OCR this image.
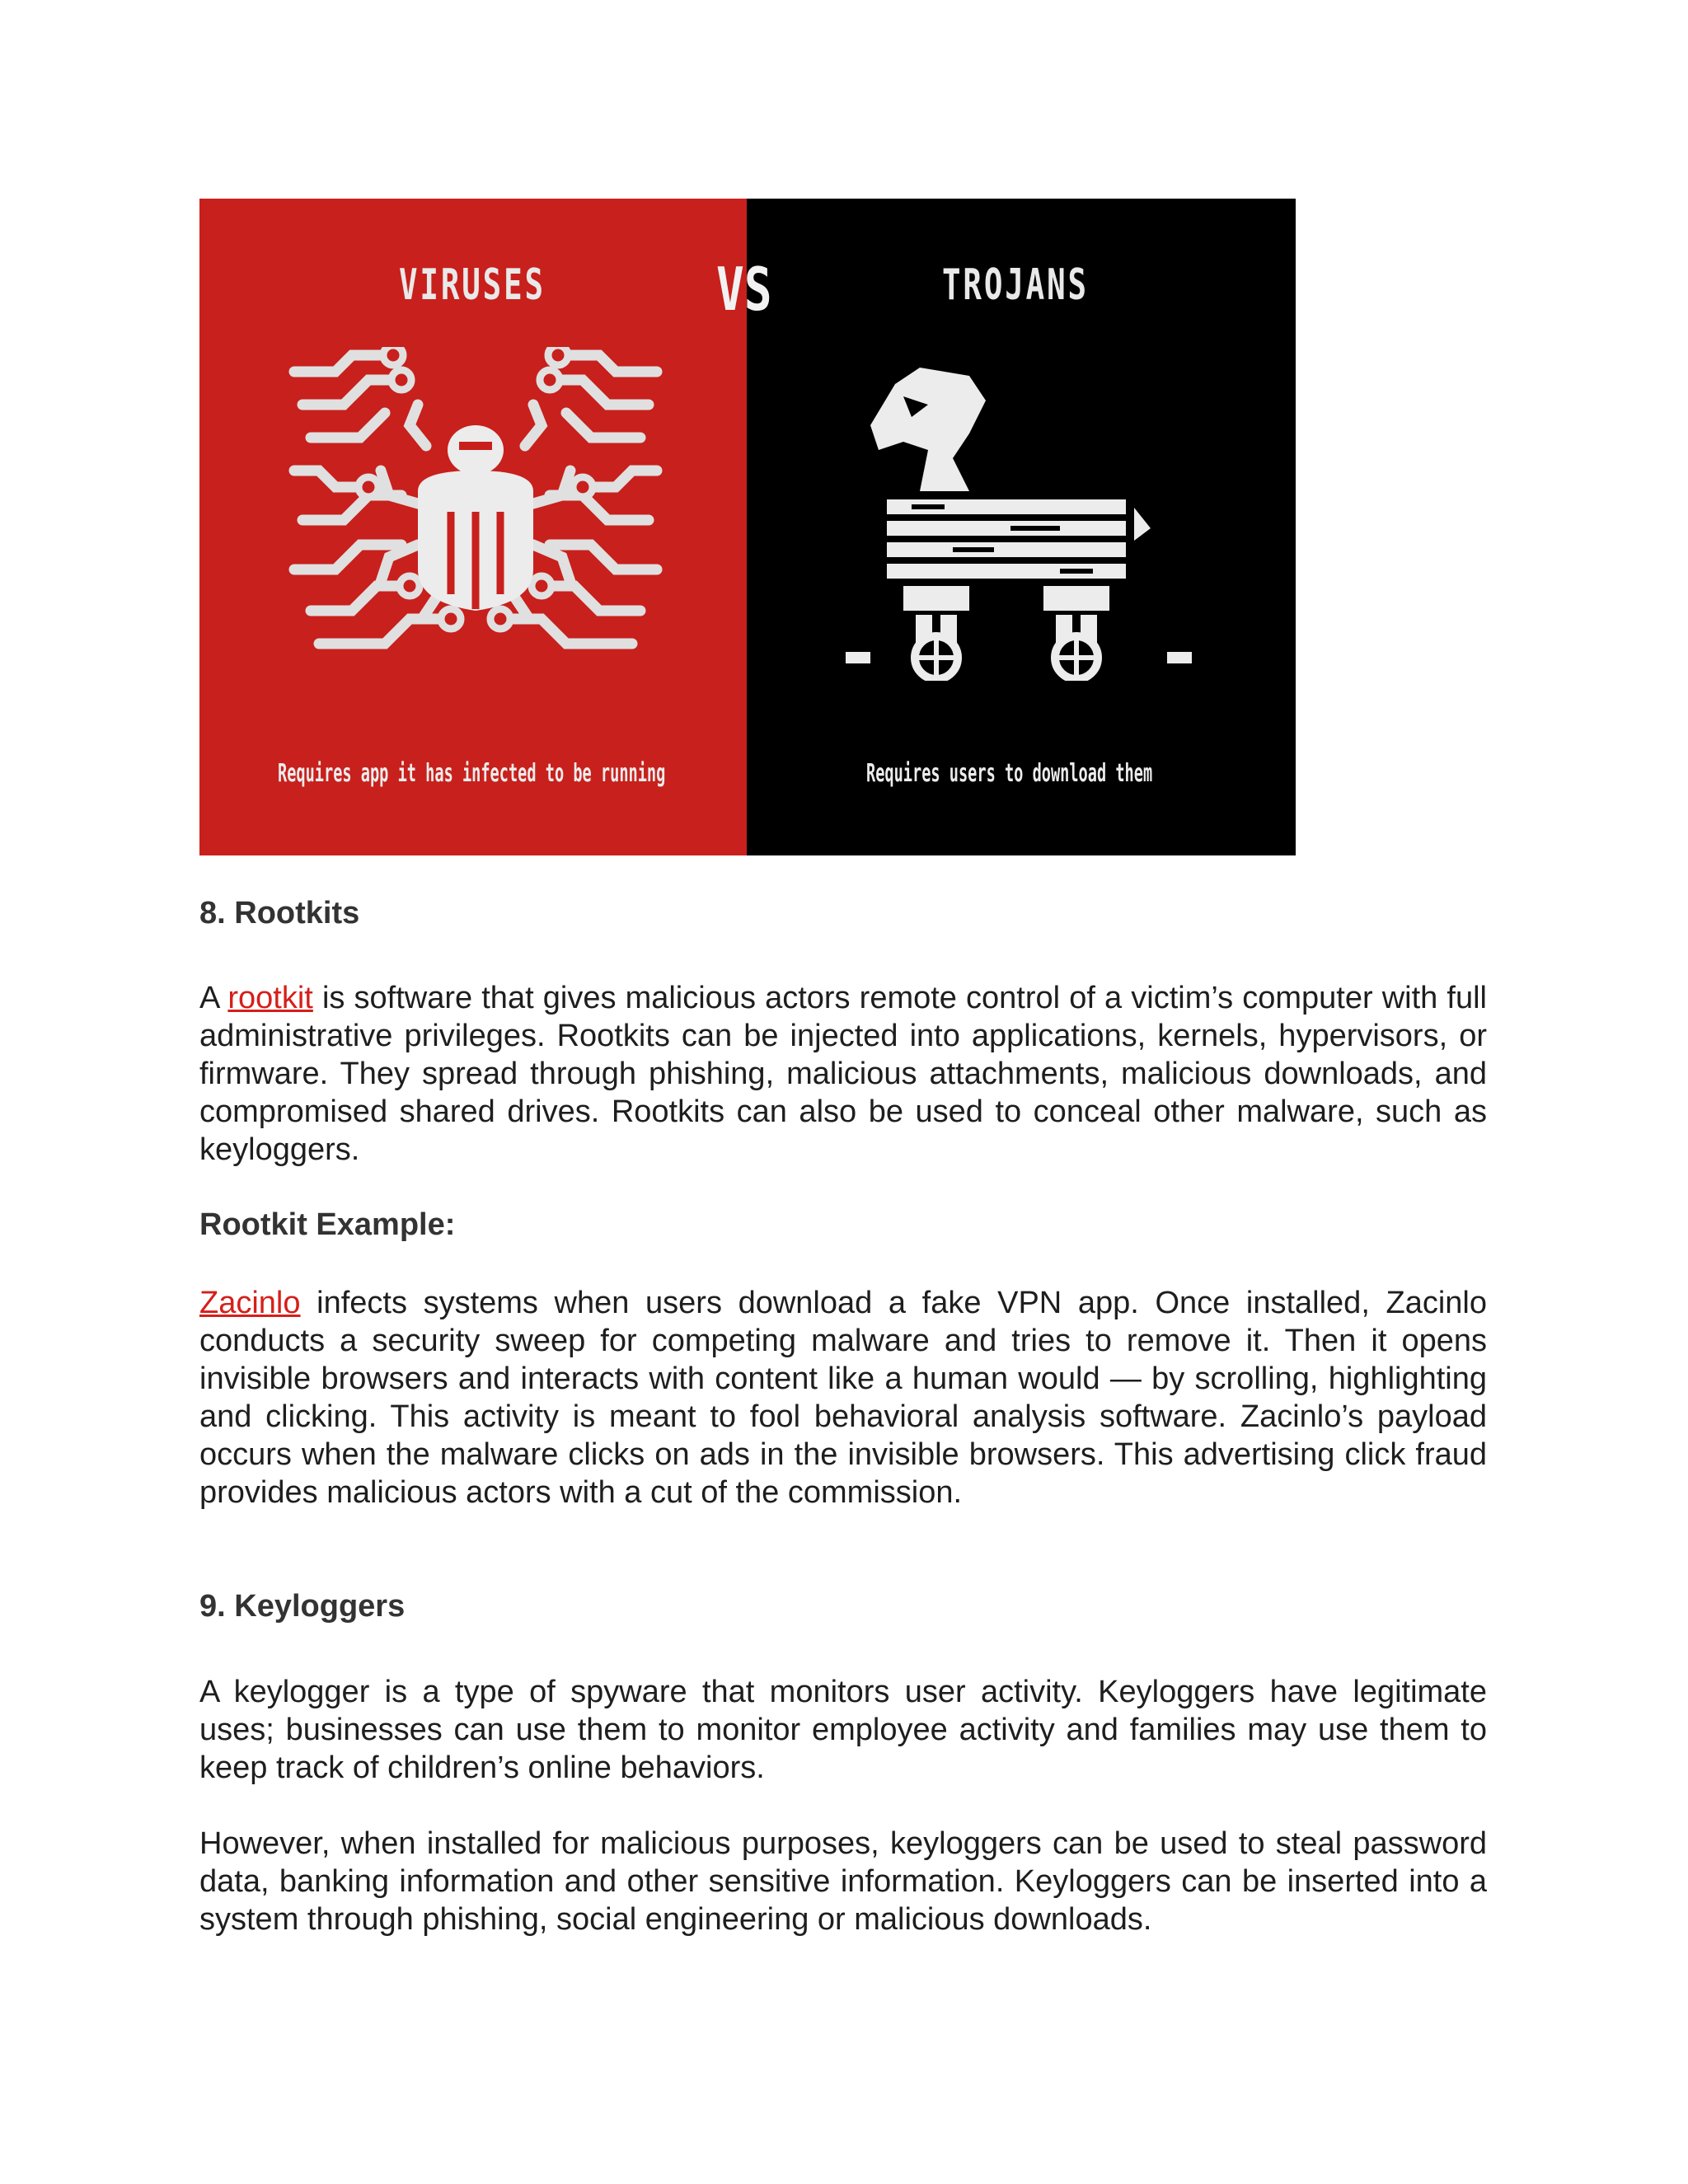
VIRUSES
Requires app it has infected to be running
TROJANS
Requires users to download them
VS
8. Rootkits

A rootkit is software that gives malicious actors remote control of a victim’s computer with full administrative privileges. Rootkits can be injected into applications, kernels, hypervisors, or firmware. They spread through phishing, malicious attachments, malicious downloads, and compromised shared drives. Rootkits can also be used to conceal other malware, such as keyloggers.

Rootkit Example:

Zacinlo infects systems when users download a fake VPN app. Once installed, Zacinlo conducts a security sweep for competing malware and tries to remove it. Then it opens invisible browsers and interacts with content like a human would — by scrolling, highlighting and clicking. This activity is meant to fool behavioral analysis software. Zacinlo’s payload occurs when the malware clicks on ads in the invisible browsers. This advertising click fraud provides malicious actors with a cut of the commission.

9. Keyloggers

A keylogger is a type of spyware that monitors user activity. Keyloggers have legitimate uses; businesses can use them to monitor employee activity and families may use them to keep track of children’s online behaviors.

However, when installed for malicious purposes, keyloggers can be used to steal password data, banking information and other sensitive information. Keyloggers can be inserted into a system through phishing, social engineering or malicious downloads.
